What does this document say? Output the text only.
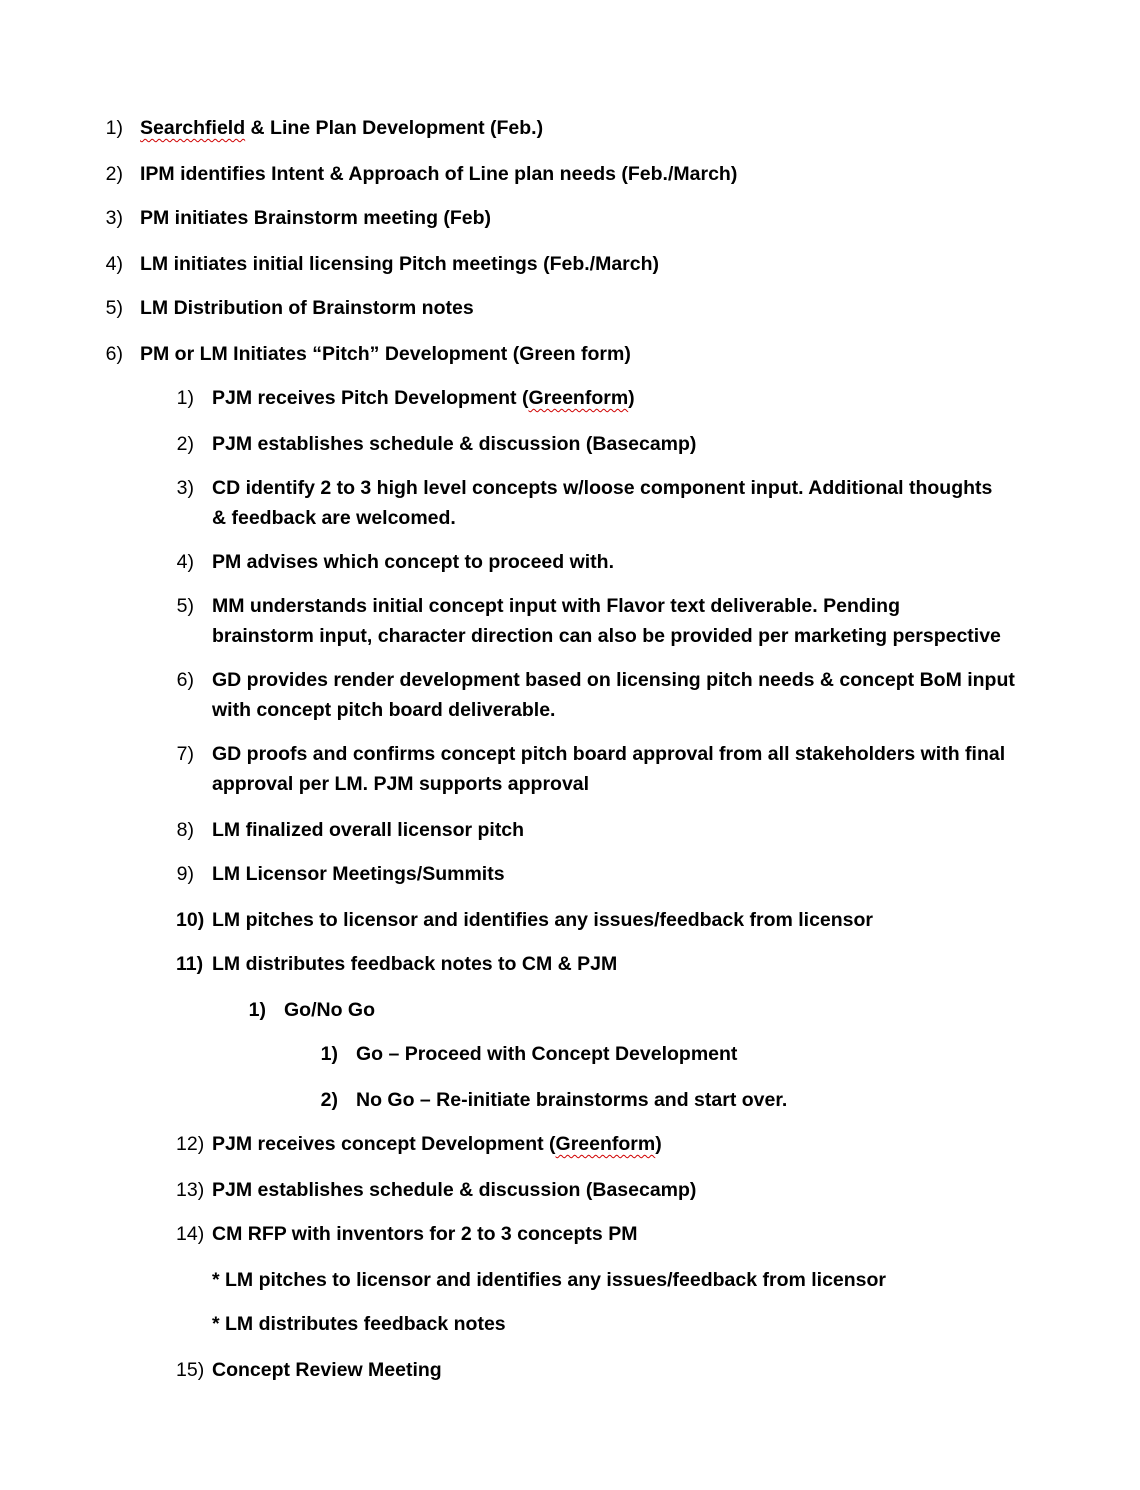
1) Searchfield & Line Plan Development (Feb.)
2) IPM identifies Intent & Approach of Line plan needs (Feb./March)
3) PM initiates Brainstorm meeting (Feb)
4) LM initiates initial licensing Pitch meetings (Feb./March)
5) LM Distribution of Brainstorm notes
6) PM or LM Initiates “Pitch” Development (Green form)
1) PJM receives Pitch Development (Greenform)
2) PJM establishes schedule & discussion (Basecamp)
3) CD identify 2 to 3 high level concepts w/loose component input. Additional thoughts
& feedback are welcomed.
4) PM advises which concept to proceed with.
5) MM understands initial concept input with Flavor text deliverable. Pending
brainstorm input, character direction can also be provided per marketing perspective
6) GD provides render development based on licensing pitch needs & concept BoM input
with concept pitch board deliverable.
7) GD proofs and confirms concept pitch board approval from all stakeholders with final
approval per LM. PJM supports approval
8) LM finalized overall licensor pitch
9) LM Licensor Meetings/Summits
10) LM pitches to licensor and identifies any issues/feedback from licensor
11) LM distributes feedback notes to CM & PJM
1) Go/No Go
1) Go – Proceed with Concept Development
2) No Go – Re-initiate brainstorms and start over.
12) PJM receives concept Development (Greenform)
13) PJM establishes schedule & discussion (Basecamp)
14) CM RFP with inventors for 2 to 3 concepts PM
* LM pitches to licensor and identifies any issues/feedback from licensor
* LM distributes feedback notes
15) Concept Review Meeting
